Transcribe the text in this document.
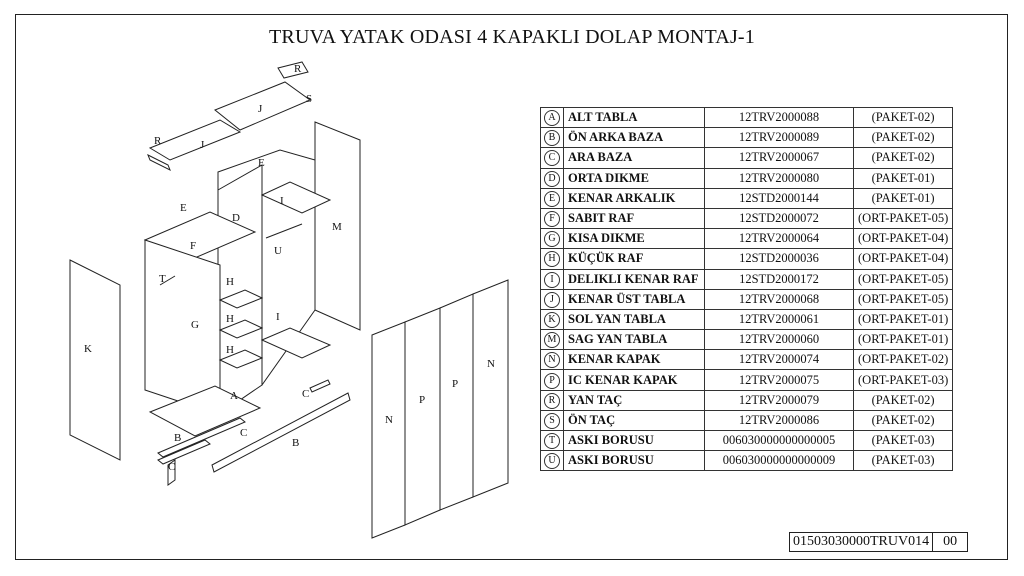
TRUVA YATAK ODASI 4 KAPAKLI DOLAP MONTAJ-1
R
S
J
J
R
E
E
I
M
D
F	U
T	H
H
H
G
I
K
A	C
B	C
B
C
N
P
P
N
A	ALT TABLA	12TRV2000088	(PAKET-02)
B	ÖN ARKA BAZA	12TRV2000089	(PAKET-02)
C	ARA BAZA	12TRV2000067	(PAKET-02)
D	ORTA DIKME	12TRV2000080	(PAKET-01)
E	KENAR ARKALIK	12STD2000144	(PAKET-01)
F	SABIT RAF	12STD2000072	(ORT-PAKET-05)
G	KISA DIKME	12TRV2000064	(ORT-PAKET-04)
H	KÜÇÜK RAF	12STD2000036	(ORT-PAKET-04)
I	DELIKLI KENAR RAF	12STD2000172	(ORT-PAKET-05)
J	KENAR ÜST TABLA	12TRV2000068	(ORT-PAKET-05)
K	SOL YAN TABLA	12TRV2000061	(ORT-PAKET-01)
M	SAG YAN TABLA	12TRV2000060	(ORT-PAKET-01)
N	KENAR KAPAK	12TRV2000074	(ORT-PAKET-02)
P	IC KENAR KAPAK	12TRV2000075	(ORT-PAKET-03)
R	YAN TAÇ	12TRV2000079	(PAKET-02)
S	ÖN TAÇ	12TRV2000086	(PAKET-02)
T	ASKI BORUSU	006030000000000005	(PAKET-03)
U	ASKI BORUSU	006030000000000009	(PAKET-03)
01503030000TRUV014	00
